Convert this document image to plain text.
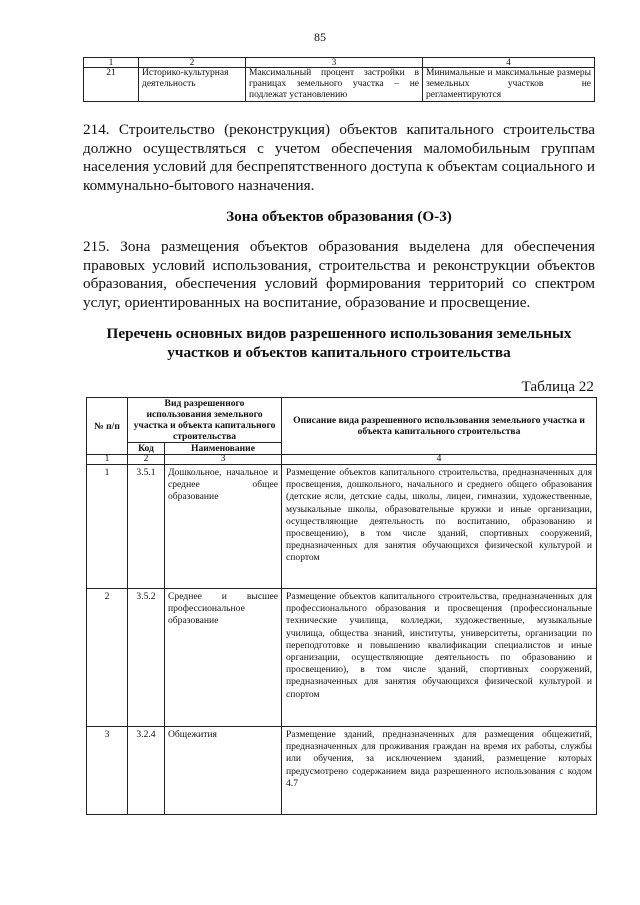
85
1	2	3	4
21	Историко-культурная деятельность	Максимальный процент застройки в границах земельного участка – не подлежат установлению	Минимальные и максимальные размеры земельных участков не регламентируются
214. Строительство (реконструкция) объектов капитального строительства должно осуществляться с учетом обеспечения маломобильным группам населения условий для беспрепятственного доступа к объектам социального и коммунально-бытового назначения.
Зона объектов образования (О-3)
215. Зона размещения объектов образования выделена для обеспечения правовых условий использования, строительства и реконструкции объектов образования, обеспечения условий формирования территорий со спектром услуг, ориентированных на воспитание, образование и просвещение.
Перечень основных видов разрешенного использования земельных
участков и объектов капитального строительства
Таблица 22
№ п/п	Вид разрешенного использования земельного участка и объекта капитального строительства		Описание вида разрешенного использования земельного участка и объекта капитального строительства
	Код	Наименование	
1	2	3	4
1	3.5.1	Дошкольное, начальное и среднее общее образование	Размещение объектов капитального строительства, предназначенных для просвещения, дошкольного, начального и среднего общего образования (детские ясли, детские сады, школы, лицеи, гимназии, художественные, музыкальные школы, образовательные кружки и иные организации, осуществляющие деятельность по воспитанию, образованию и просвещению), в том числе зданий, спортивных сооружений, предназначенных для занятия обучающихся физической культурой и спортом
2	3.5.2	Среднее и высшее профессиональное образование	Размещение объектов капитального строительства, предназначенных для профессионального образования и просвещения (профессиональные технические училища, колледжи, художественные, музыкальные училища, общества знаний, институты, университеты, организации по переподготовке и повышению квалификации специалистов и иные организации, осуществляющие деятельность по образованию и просвещению), в том числе зданий, спортивных сооружений, предназначенных для занятия обучающихся физической культурой и спортом
3	3.2.4	Общежития	Размещение зданий, предназначенных для размещения общежитий, предназначенных для проживания граждан на время их работы, службы или обучения, за исключением зданий, размещение которых предусмотрено содержанием вида разрешенного использования с кодом 4.7
